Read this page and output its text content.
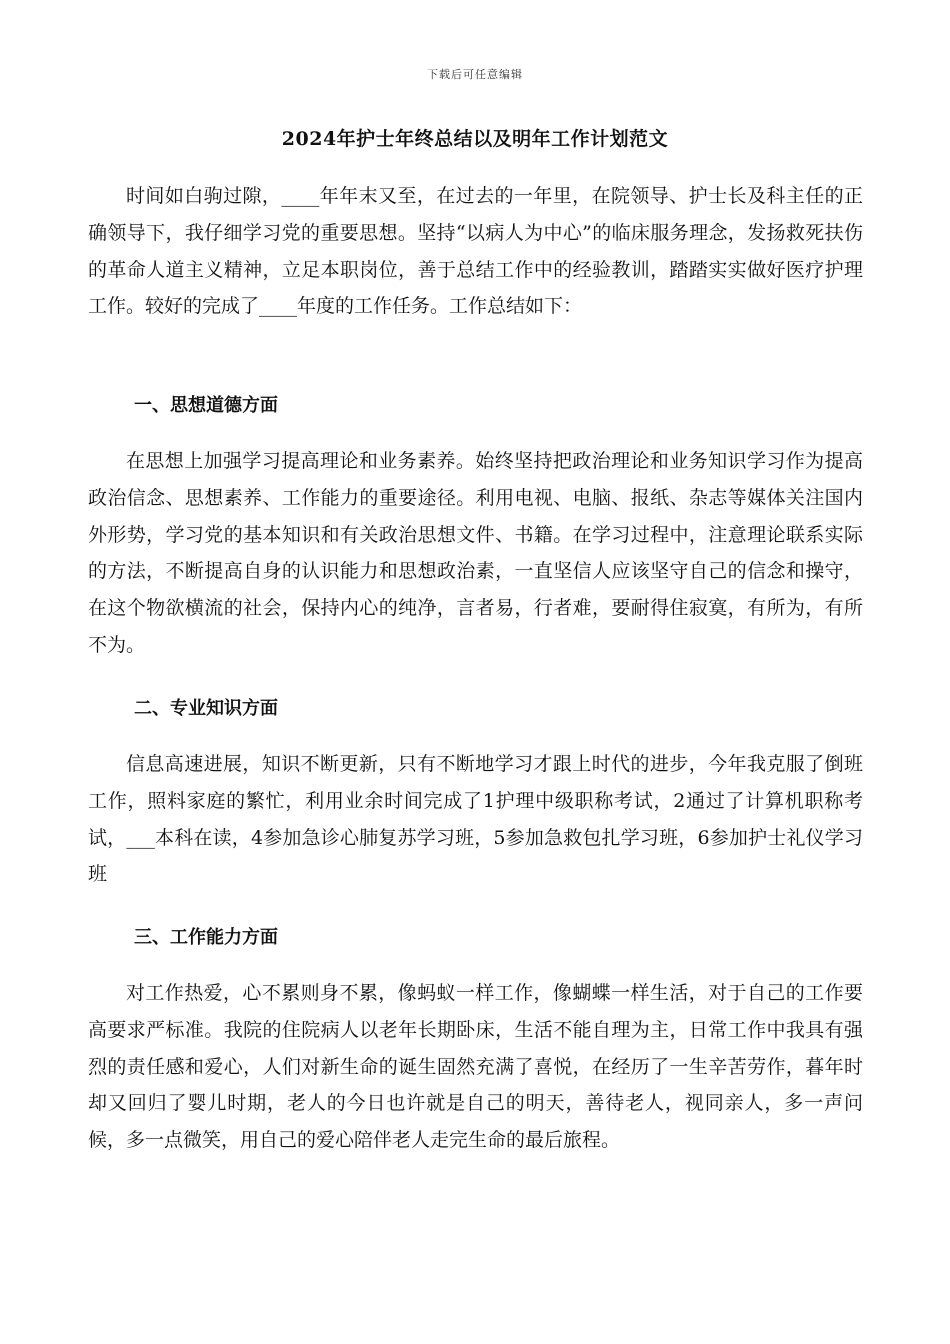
下载后可任意编辑
2024年护士年终总结以及明年工作计划范文

时间如白驹过隙，____年年末又至，在过去的一年里，在院领导、护士长及科主任的正确领导下，我仔细学习党的重要思想。坚持“以病人为中心”的临床服务理念，发扬救死扶伤的革命人道主义精神，立足本职岗位，善于总结工作中的经验教训，踏踏实实做好医疗护理工作。较好的完成了____年度的工作任务。工作总结如下：

一、思想道德方面

在思想上加强学习提高理论和业务素养。始终坚持把政治理论和业务知识学习作为提高政治信念、思想素养、工作能力的重要途径。利用电视、电脑、报纸、杂志等媒体关注国内外形势，学习党的基本知识和有关政治思想文件、书籍。在学习过程中，注意理论联系实际的方法，不断提高自身的认识能力和思想政治素，一直坚信人应该坚守自己的信念和操守，在这个物欲横流的社会，保持内心的纯净，言者易，行者难，要耐得住寂寞，有所为，有所不为。

二、专业知识方面

信息高速进展，知识不断更新，只有不断地学习才跟上时代的进步，今年我克服了倒班工作，照料家庭的繁忙，利用业余时间完成了1护理中级职称考试，2通过了计算机职称考试，___本科在读，4参加急诊心肺复苏学习班，5参加急救包扎学习班，6参加护士礼仪学习班

三、工作能力方面

对工作热爱，心不累则身不累，像蚂蚁一样工作，像蝴蝶一样生活，对于自己的工作要高要求严标准。我院的住院病人以老年长期卧床，生活不能自理为主，日常工作中我具有强烈的责任感和爱心，人们对新生命的诞生固然充满了喜悦，在经历了一生辛苦劳作，暮年时却又回归了婴儿时期，老人的今日也许就是自己的明天，善待老人，视同亲人，多一声问候，多一点微笑，用自己的爱心陪伴老人走完生命的最后旅程。
